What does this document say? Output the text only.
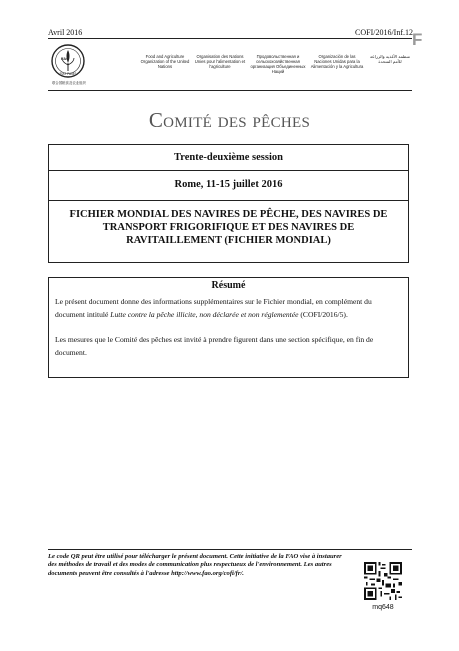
Avril 2016	COFI/2016/Inf.12 F
FIAT PANIS
FAO
联合国粮食及农业组织
Food and Agriculture Organization of the United Nations
Organisation des Nations Unies pour l'alimentation et l'agriculture
Продовольственная и сельскохозяйственная организация Объединенных Наций
Organización de las Naciones Unidas para la Alimentación y la Agricultura
منظمة الأغذية والزراعة للأمم المتحدة
Comité des pêches
Trente-deuxième session
Rome, 11-15 juillet 2016
FICHIER MONDIAL DES NAVIRES DE PÊCHE, DES NAVIRES DE TRANSPORT FRIGORIFIQUE ET DES NAVIRES DE RAVITAILLEMENT (FICHIER MONDIAL)
Résumé
Le présent document donne des informations supplémentaires sur le Fichier mondial, en complément du document intitulé Lutte contre la pêche illicite, non déclarée et non réglementée (COFI/2016/5).
Les mesures que le Comité des pêches est invité à prendre figurent dans une section spécifique, en fin de document.
Le code QR peut être utilisé pour télécharger le présent document. Cette initiative de la FAO vise à instaurer des méthodes de travail et des modes de communication plus respectueux de l'environnement. Les autres documents peuvent être consultés à l'adresse http://www.fao.org/cofi/fr/.
mq648
